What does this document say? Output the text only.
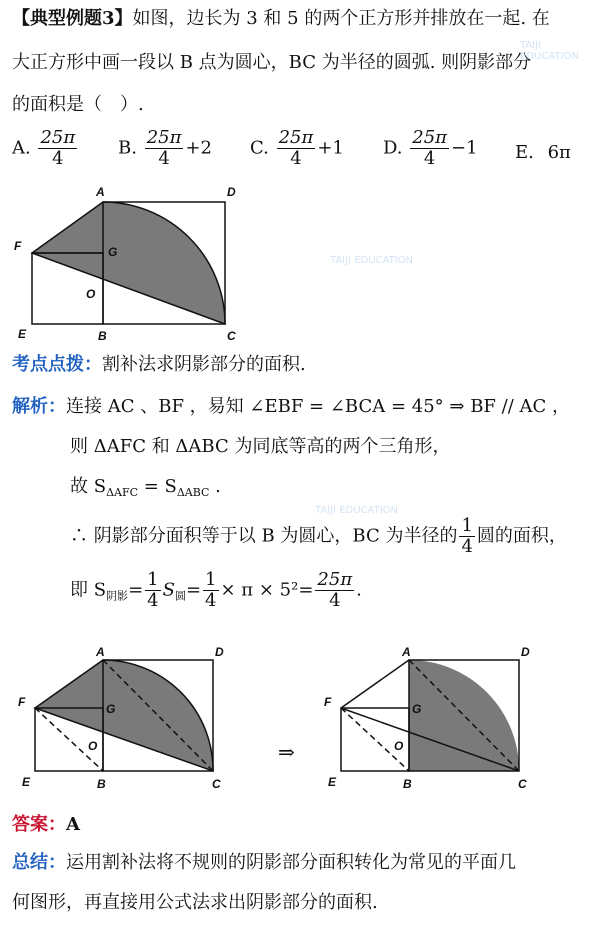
【典型例题3】如图，边长为 3 和 5 的两个正方形并排放在一起. 在
大正方形中画一段以 B 点为圆心，BC 为半径的圆弧. 则阴影部分
的面积是（　）.
A. $\frac{25\pi}{4} B$. $\frac{25\pi}{4} +2$ C. $\frac{25\pi}{4} +1$ D. $\frac{25\pi}{4} -1$ E. 6π
A	D
F	G
O
E	B	C
考点点拨：割补法求阴影部分的面积.
解析：连接 AC 、BF ，易知 ∠EBF = ∠BCA = 45° ⇒ BF // AC ，
则 ΔAFC 和 ΔABC 为同底等高的两个三角形，
故 $S_{\Delta AFC} = S_{\Delta ABC}$ .
∴ 阴影部分面积等于以 B 为圆心，BC 为半径的 $\frac{1}{4}$ 圆的面积，
即 $S_{阴影}= \frac{1}{4} S_圆= \frac{1}{4} \times \pi \times 5^2= \frac{25\pi}{4}$ .
A	D
F	G
O
E	B	C
⇒
A	D
F	G
O
E	B	C
答案：A
总结：运用割补法将不规则的阴影部分面积转化为常见的平面几
何图形，再直接用公式法求出阴影部分的面积.
TAIJI EDUCATION
TAIJI EDUCATION
TAIJI EDUCATION
